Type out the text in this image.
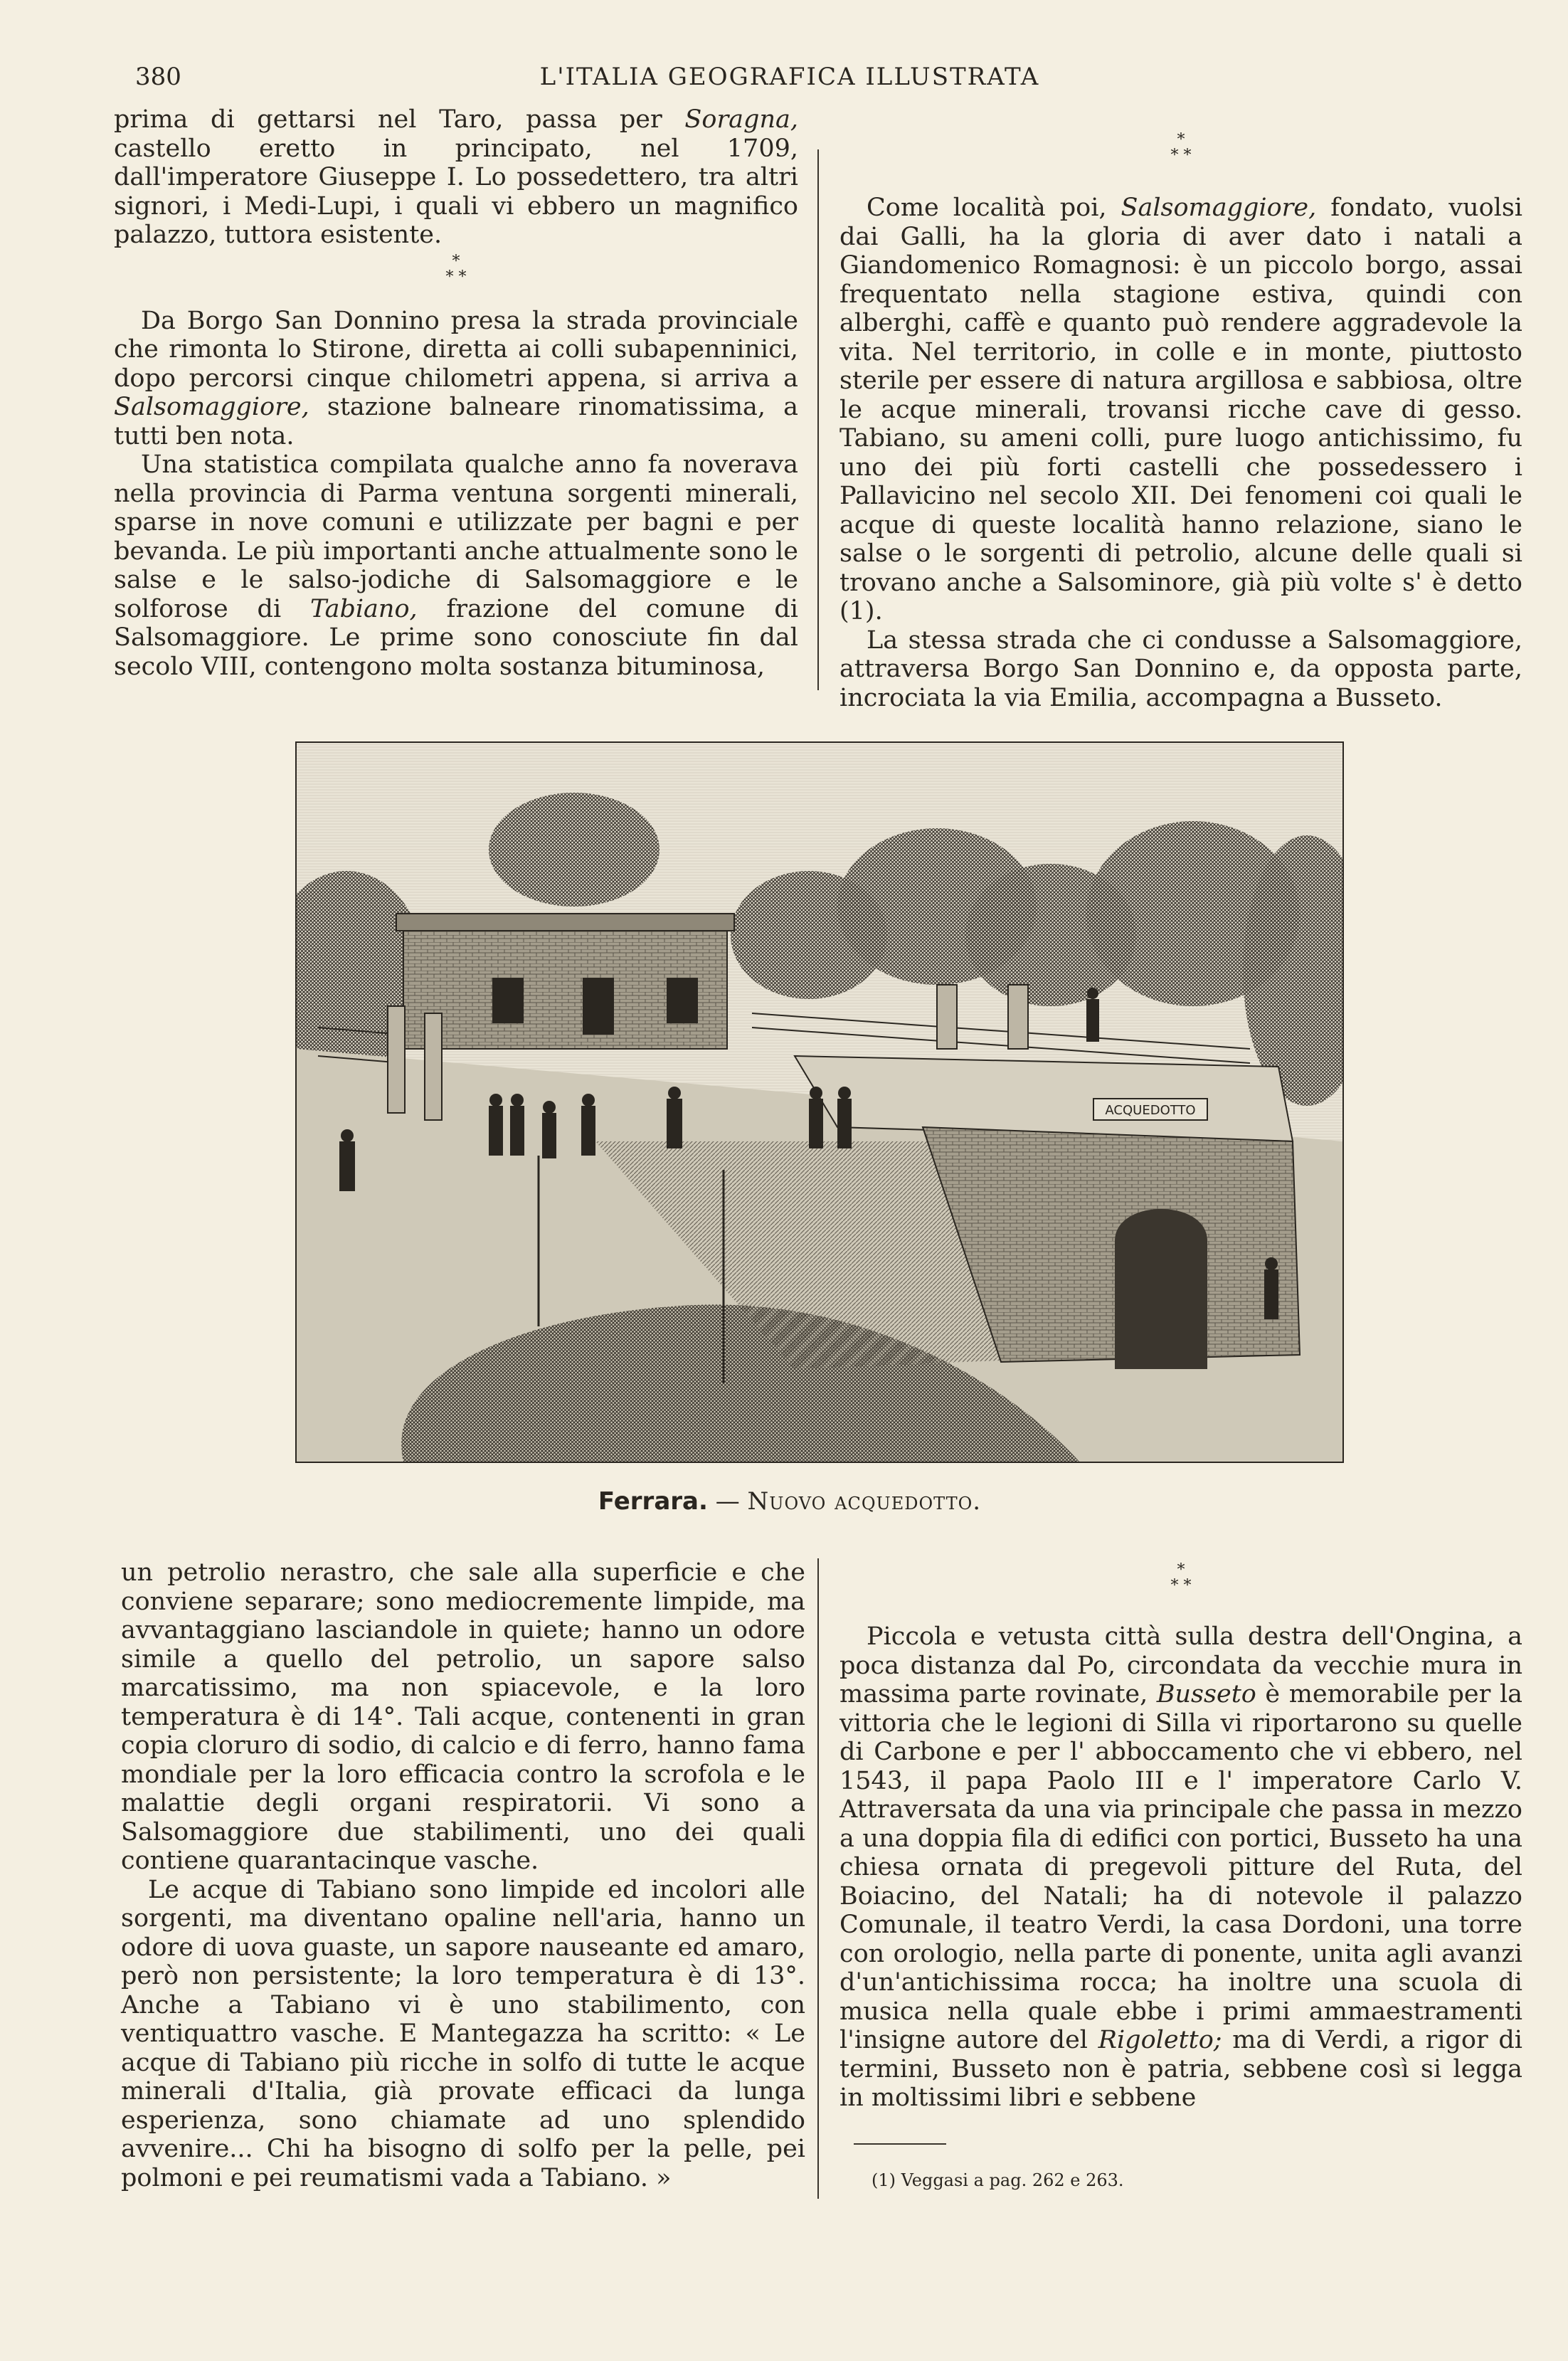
380	L'ITALIA GEOGRAFICA ILLUSTRATA

prima di gettarsi nel Taro, passa per Soragna, castello eretto in principato, nel 1709, dall'imperatore Giuseppe I. Lo possedettero, tra altri signori, i Medi-Lupi, i quali vi ebbero un magnifico palazzo, tuttora esistente.

*
* *

Da Borgo San Donnino presa la strada provinciale che rimonta lo Stirone, diretta ai colli subapenninici, dopo percorsi cinque chilometri appena, si arriva a Salsomaggiore, stazione balneare rinomatissima, a tutti ben nota.

Una statistica compilata qualche anno fa noverava nella provincia di Parma ventuna sorgenti minerali, sparse in nove comuni e utilizzate per bagni e per bevanda. Le più importanti anche attualmente sono le salse e le salso-jodiche di Salsomaggiore e le solforose di Tabiano, frazione del comune di Salsomaggiore. Le prime sono conosciute fin dal secolo VIII, contengono molta sostanza bituminosa,

*
* *

Come località poi, Salsomaggiore, fondato, vuolsi dai Galli, ha la gloria di aver dato i natali a Giandomenico Romagnosi: è un piccolo borgo, assai frequentato nella stagione estiva, quindi con alberghi, caffè e quanto può rendere aggradevole la vita. Nel territorio, in colle e in monte, piuttosto sterile per essere di natura argillosa e sabbiosa, oltre le acque minerali, trovansi ricche cave di gesso. Tabiano, su ameni colli, pure luogo antichissimo, fu uno dei più forti castelli che possedessero i Pallavicino nel secolo XII. Dei fenomeni coi quali le acque di queste località hanno relazione, siano le salse o le sorgenti di petrolio, alcune delle quali si trovano anche a Salsominore, già più volte s' è detto (1).

La stessa strada che ci condusse a Salsomaggiore, attraversa Borgo San Donnino e, da opposta parte, incrociata la via Emilia, accompagna a Busseto.

ACQUEDOTTO
Ferrara. — Nuovo acquedotto.

un petrolio nerastro, che sale alla superficie e che conviene separare; sono mediocremente limpide, ma avvantaggiano lasciandole in quiete; hanno un odore simile a quello del petrolio, un sapore salso marcatissimo, ma non spiacevole, e la loro temperatura è di 14°. Tali acque, contenenti in gran copia cloruro di sodio, di calcio e di ferro, hanno fama mondiale per la loro efficacia contro la scrofola e le malattie degli organi respiratorii. Vi sono a Salsomaggiore due stabilimenti, uno dei quali contiene quarantacinque vasche.

Le acque di Tabiano sono limpide ed incolori alle sorgenti, ma diventano opaline nell'aria, hanno un odore di uova guaste, un sapore nauseante ed amaro, però non persistente; la loro temperatura è di 13°. Anche a Tabiano vi è uno stabilimento, con ventiquattro vasche. E Mantegazza ha scritto: « Le acque di Tabiano più ricche in solfo di tutte le acque minerali d'Italia, già provate efficaci da lunga esperienza, sono chiamate ad uno splendido avvenire... Chi ha bisogno di solfo per la pelle, pei polmoni e pei reumatismi vada a Tabiano. »

*
* *

Piccola e vetusta città sulla destra dell'Ongina, a poca distanza dal Po, circondata da vecchie mura in massima parte rovinate, Busseto è memorabile per la vittoria che le legioni di Silla vi riportarono su quelle di Carbone e per l' abboccamento che vi ebbero, nel 1543, il papa Paolo III e l' imperatore Carlo V. Attraversata da una via principale che passa in mezzo a una doppia fila di edifici con portici, Busseto ha una chiesa ornata di pregevoli pitture del Ruta, del Boiacino, del Natali; ha di notevole il palazzo Comunale, il teatro Verdi, la casa Dordoni, una torre con orologio, nella parte di ponente, unita agli avanzi d'un'antichissima rocca; ha inoltre una scuola di musica nella quale ebbe i primi ammaestramenti l'insigne autore del Rigoletto; ma di Verdi, a rigor di termini, Busseto non è patria, sebbene così si legga in moltissimi libri e sebbene

(1) Veggasi a pag. 262 e 263.
